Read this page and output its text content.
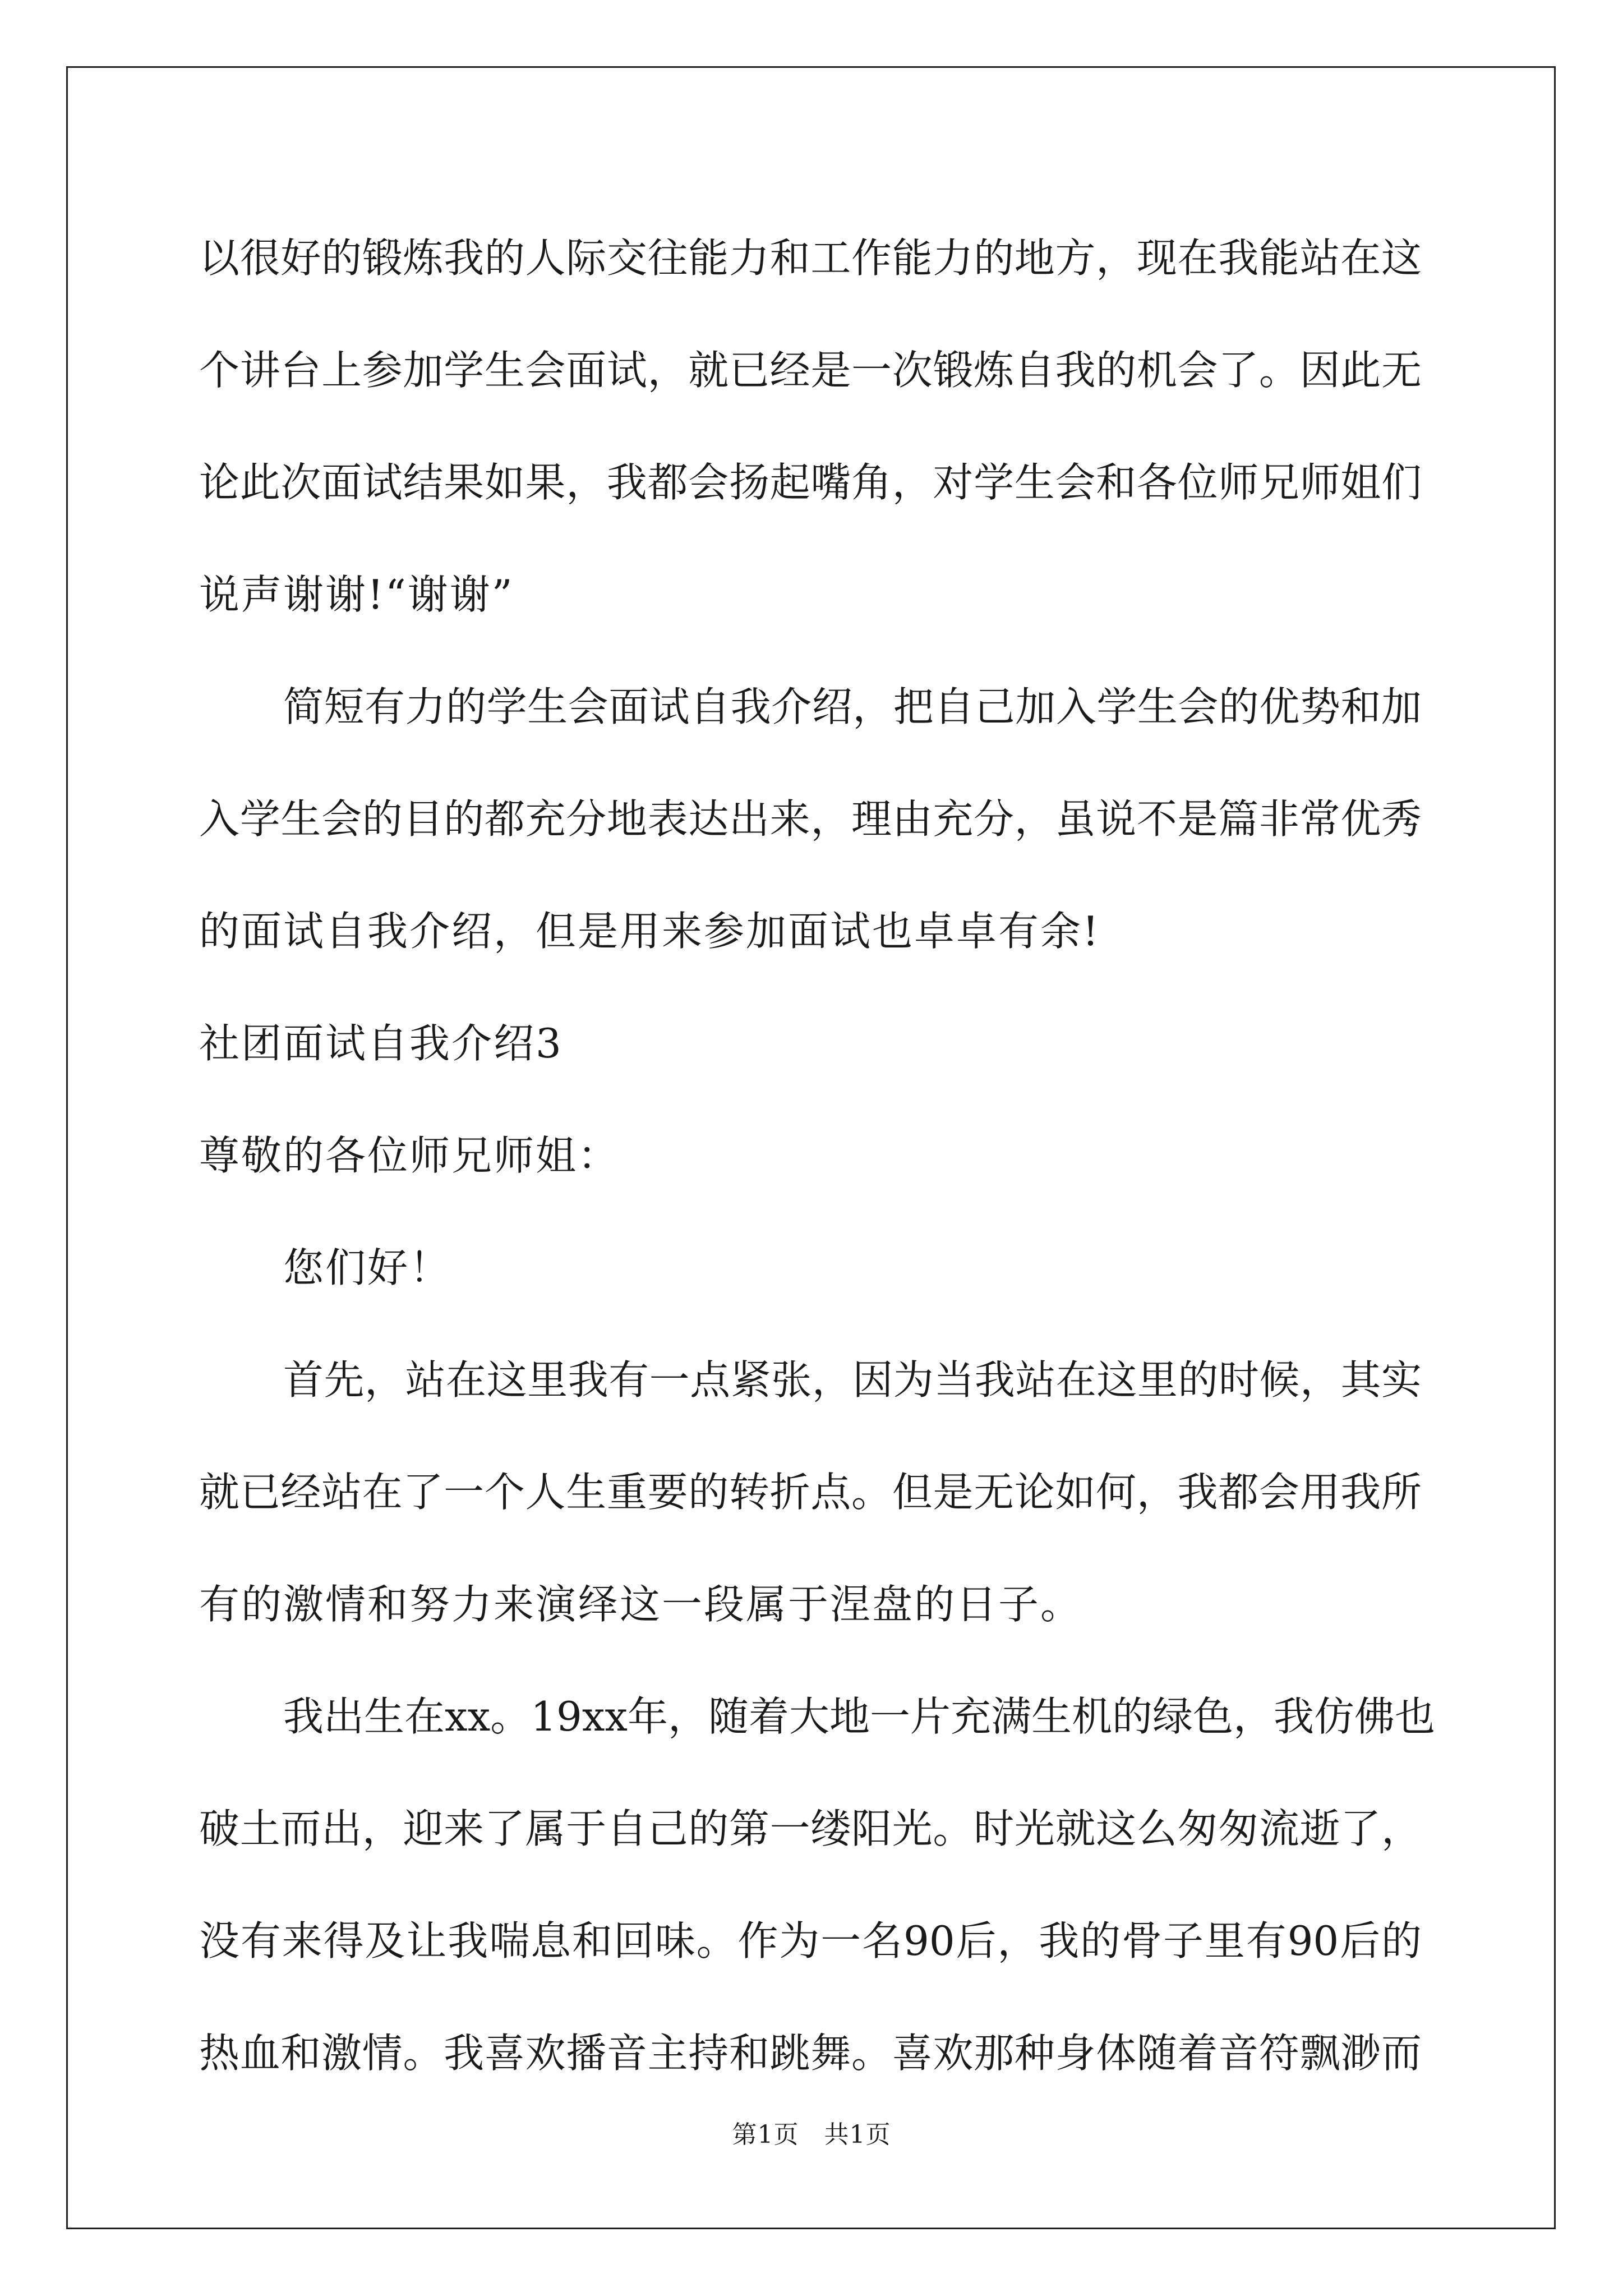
以很好的锻炼我的人际交往能力和工作能力的地方，现在我能站在这
个讲台上参加学生会面试，就已经是一次锻炼自我的机会了。因此无
论此次面试结果如果，我都会扬起嘴角，对学生会和各位师兄师姐们
说声谢谢!“谢谢”
简短有力的学生会面试自我介绍，把自己加入学生会的优势和加
入学生会的目的都充分地表达出来，理由充分，虽说不是篇非常优秀
的面试自我介绍，但是用来参加面试也卓卓有余!
社团面试自我介绍3
尊敬的各位师兄师姐：
您们好！
首先，站在这里我有一点紧张，因为当我站在这里的时候，其实
就已经站在了一个人生重要的转折点。但是无论如何，我都会用我所
有的激情和努力来演绎这一段属于涅盘的日子。
我出生在xx。19xx年，随着大地一片充满生机的绿色，我仿佛也
破土而出，迎来了属于自己的第一缕阳光。时光就这么匆匆流逝了，
没有来得及让我喘息和回味。作为一名90后，我的骨子里有90后的
热血和激情。我喜欢播音主持和跳舞。喜欢那种身体随着音符飘渺而
第1页　共1页
